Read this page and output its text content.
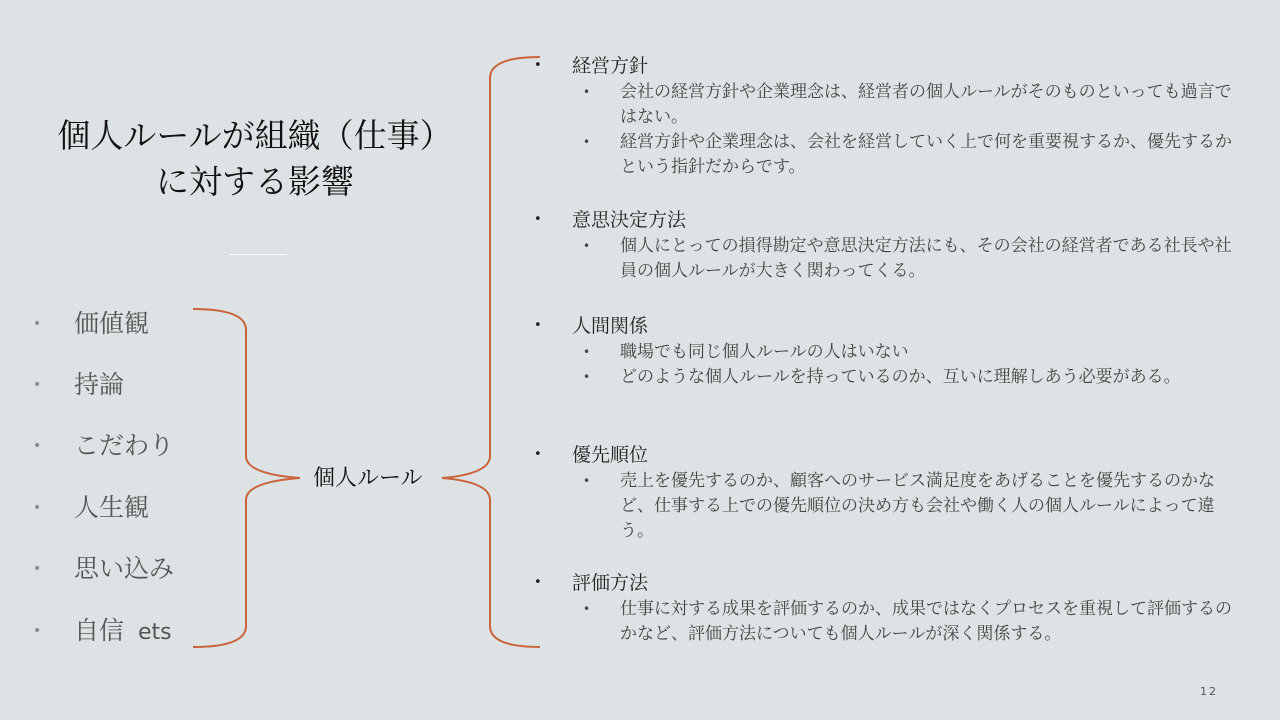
個人ルールが組織（仕事）
に対する影響
• 価値観
• 持論
• こだわり
• 人生観
• 思い込み
• 自信 ets
個人ルール
• 経営方針
• 会社の経営方針や企業理念は、経営者の個人ルールがそのものといっても過言ではない。
• 経営方針や企業理念は、会社を経営していく上で何を重要視するか、優先するかという指針だからです。
• 意思決定方法
• 個人にとっての損得勘定や意思決定方法にも、その会社の経営者である社長や社員の個人ルールが大きく関わってくる。
• 人間関係
• 職場でも同じ個人ルールの人はいない
• どのような個人ルールを持っているのか、互いに理解しあう必要がある。
• 優先順位
• 売上を優先するのか、顧客へのサービス満足度をあげることを優先するのかなど、仕事する上での優先順位の決め方も会社や働く人の個人ルールによって違う。
• 評価方法
• 仕事に対する成果を評価するのか、成果ではなくプロセスを重視して評価するのかなど、評価方法についても個人ルールが深く関係する。
12
